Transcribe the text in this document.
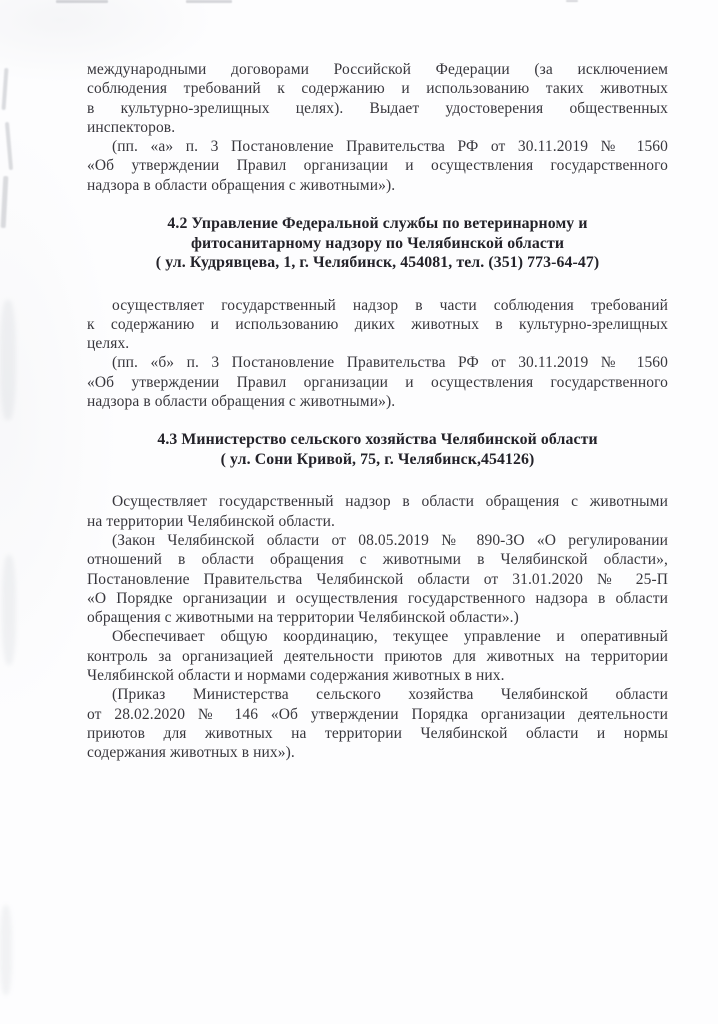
международными договорами Российской Федерации (за исключением
соблюдения требований к содержанию и использованию таких животных
в культурно-зрелищных целях). Выдает удостоверения общественных
инспекторов.
(пп. «а» п. 3 Постановление Правительства РФ от 30.11.2019 № 1560
«Об утверждении Правил организации и осуществления государственного
надзора в области обращения с животными»).
4.2 Управление Федеральной службы по ветеринарному и
фитосанитарному надзору по Челябинской области
( ул. Кудрявцева, 1, г. Челябинск, 454081, тел. (351) 773-64-47)
осуществляет государственный надзор в части соблюдения требований
к содержанию и использованию диких животных в культурно-зрелищных
целях.
(пп. «б» п. 3 Постановление Правительства РФ от 30.11.2019 № 1560
«Об утверждении Правил организации и осуществления государственного
надзора в области обращения с животными»).
4.3 Министерство сельского хозяйства Челябинской области
( ул. Сони Кривой, 75, г. Челябинск,454126)
Осуществляет государственный надзор в области обращения с животными
на территории Челябинской области.
(Закон Челябинской области от 08.05.2019 № 890-ЗО «О регулировании
отношений в области обращения с животными в Челябинской области»,
Постановление Правительства Челябинской области от 31.01.2020 № 25-П
«О Порядке организации и осуществления государственного надзора в области
обращения с животными на территории Челябинской области».)
Обеспечивает общую координацию, текущее управление и оперативный
контроль за организацией деятельности приютов для животных на территории
Челябинской области и нормами содержания животных в них.
(Приказ Министерства сельского хозяйства Челябинской области
от 28.02.2020 № 146 «Об утверждении Порядка организации деятельности
приютов для животных на территории Челябинской области и нормы
содержания животных в них»).
